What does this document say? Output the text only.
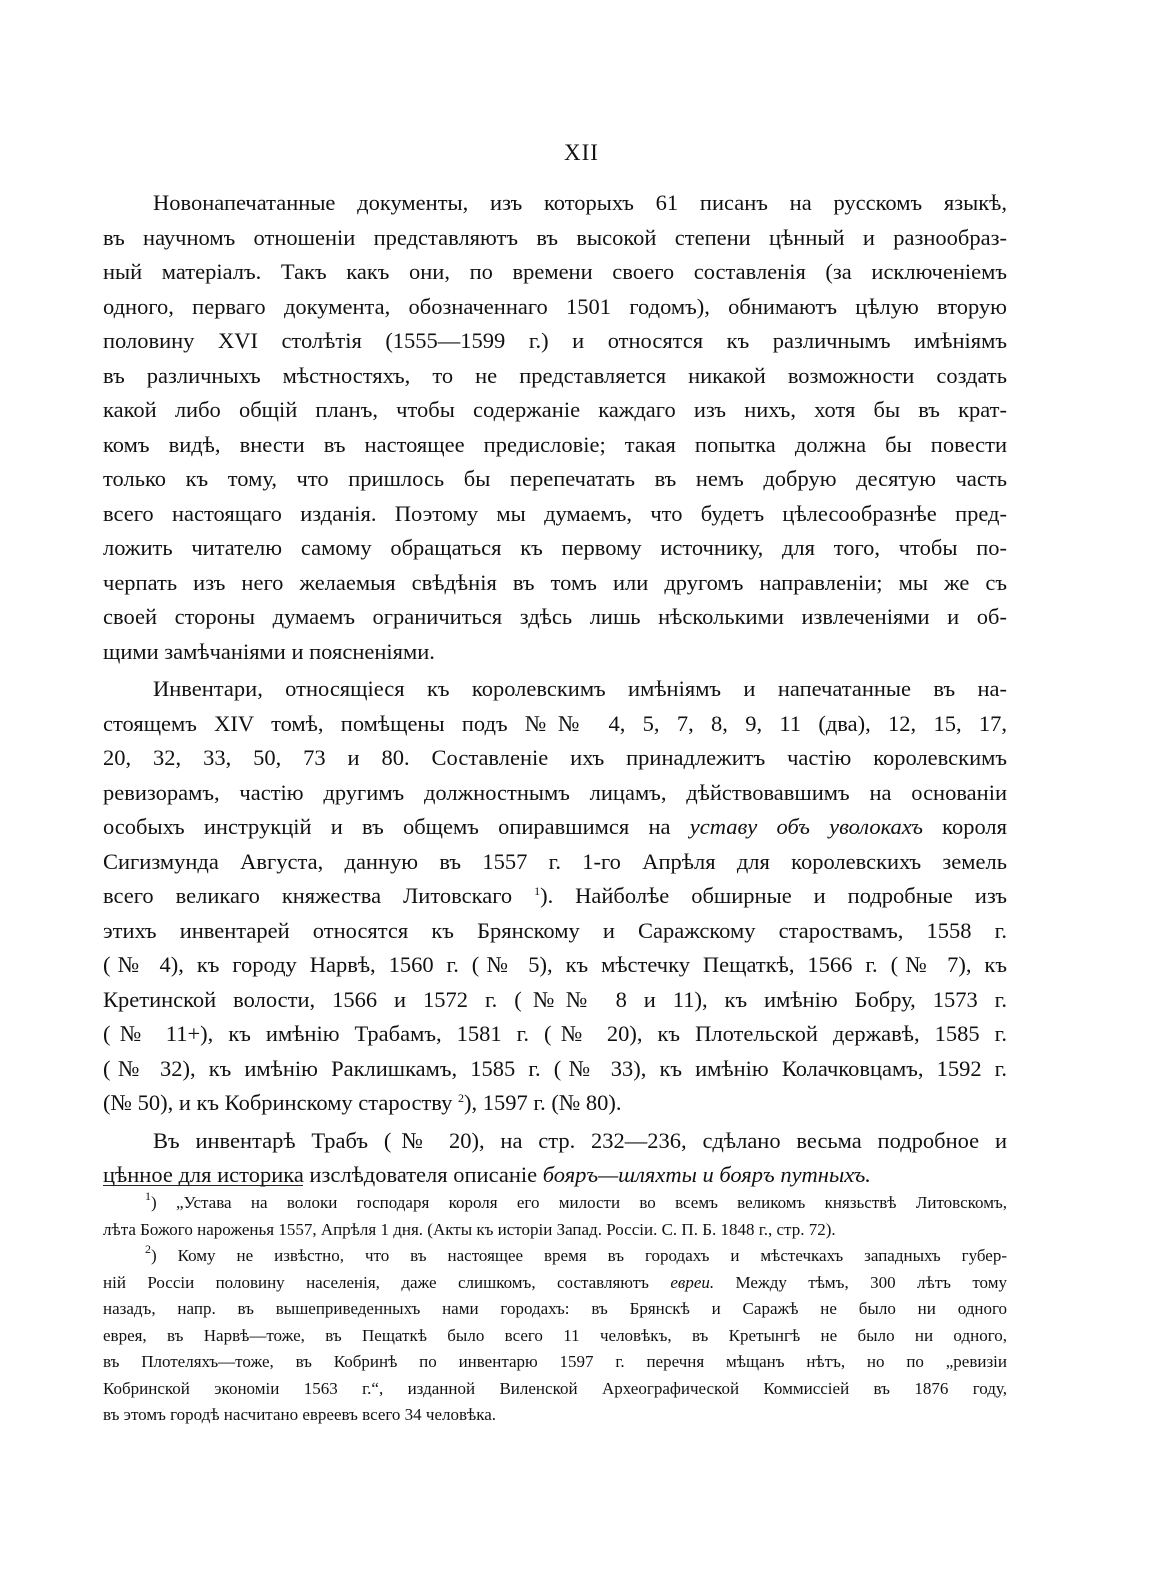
XII
Новонапечатанные документы, изъ которыхъ 61 писанъ на русскомъ языкѣ,
въ научномъ отношеніи представляютъ въ высокой степени цѣнный и разнообраз-
ный матеріалъ. Такъ какъ они, по времени своего составленія (за исключеніемъ
одного, перваго документа, обозначеннаго 1501 годомъ), обнимаютъ цѣлую вторую
половину XVI столѣтія (1555—1599 г.) и относятся къ различнымъ имѣніямъ
въ различныхъ мѣстностяхъ, то не представляется никакой возможности создать
какой либо общій планъ, чтобы содержаніе каждаго изъ нихъ, хотя бы въ крат-
комъ видѣ, внести въ настоящее предисловіе; такая попытка должна бы повести
только къ тому, что пришлось бы перепечатать въ немъ добрую десятую часть
всего настоящаго изданія. Поэтому мы думаемъ, что будетъ цѣлесообразнѣе пред-
ложить читателю самому обращаться къ первому источнику, для того, чтобы по-
черпать изъ него желаемыя свѣдѣнія въ томъ или другомъ направленіи; мы же съ
своей стороны думаемъ ограничиться здѣсь лишь нѣсколькими извлеченіями и об-
щими замѣчаніями и поясненіями.
Инвентари, относящіеся къ королевскимъ имѣніямъ и напечатанные въ на-
стоящемъ XIV томѣ, помѣщены подъ №№ 4, 5, 7, 8, 9, 11 (два), 12, 15, 17,
20, 32, 33, 50, 73 и 80. Составленіе ихъ принадлежитъ частію королевскимъ
ревизорамъ, частію другимъ должностнымъ лицамъ, дѣйствовавшимъ на основаніи
особыхъ инструкцій и въ общемъ опиравшимся на уставу объ уволокахъ короля
Сигизмунда Августа, данную въ 1557 г. 1-го Апрѣля для королевскихъ земель
всего великаго княжества Литовскаго $^1$). Найболѣе обширные и подробные изъ
этихъ инвентарей относятся къ Брянскому и Саражскому староствамъ, 1558 г.
(№ 4), къ городу Нарвѣ, 1560 г. (№ 5), къ мѣстечку Пещаткѣ, 1566 г. (№ 7), къ
Кретинской волости, 1566 и 1572 г. (№№ 8 и 11), къ имѣнію Бобру, 1573 г.
(№ 11+), къ имѣнію Трабамъ, 1581 г. (№ 20), къ Плотельской державѣ, 1585 г.
(№ 32), къ имѣнію Раклишкамъ, 1585 г. (№ 33), къ имѣнію Колачковцамъ, 1592 г.
(№ 50), и къ Кобринскому староству $^2$), 1597 г. (№ 80).
Въ инвентарѣ Трабъ (№ 20), на стр. 232—236, сдѣлано весьма подробное и
цѣнное для историка изслѣдователя описаніе бояръ—шляхты и бояръ путныхъ.
$^1$) „Устава на волоки господаря короля его милости во всемъ великомъ князьствѣ Литовскомъ,
лѣта Божого нароженья 1557, Апрѣля 1 дня. (Акты къ исторіи Запад. Россіи. С. П. Б. 1848 г., стр. 72).
$^2$) Кому не извѣстно, что въ настоящее время въ городахъ и мѣстечкахъ западныхъ губер-
ній Россіи половину населенія, даже слишкомъ, составляютъ евреи. Между тѣмъ, 300 лѣтъ тому
назадъ, напр. въ вышеприведенныхъ нами городахъ: въ Брянскѣ и Саражѣ не было ни одного
еврея, въ Нарвѣ—тоже, въ Пещаткѣ было всего 11 человѣкъ, въ Кретынгѣ не было ни одного,
въ Плотеляхъ—тоже, въ Кобринѣ по инвентарю 1597 г. перечня мѣщанъ нѣтъ, но по „ревизіи
Кобринской экономіи 1563 г.“, изданной Виленской Археографической Коммиссіей въ 1876 году,
въ этомъ городѣ насчитано евреевъ всего 34 человѣка.
